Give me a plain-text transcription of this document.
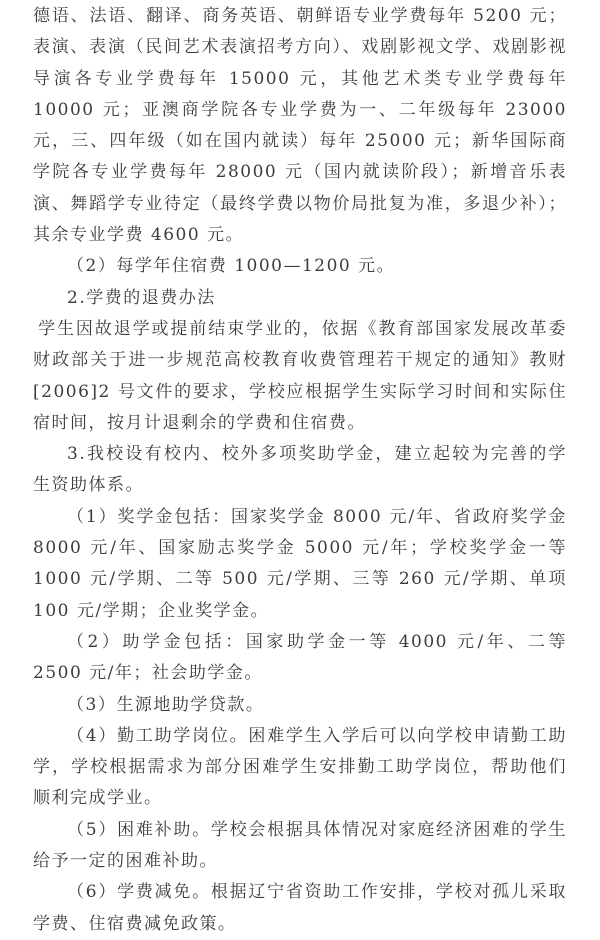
德语、法语、翻译、商务英语、朝鲜语专业学费每年 5200 元；表演、表演（民间艺术表演招考方向）、戏剧影视文学、戏剧影视导演各专业学费每年 15000 元，其他艺术类专业学费每年 10000 元；亚澳商学院各专业学费为一、二年级每年 23000 元，三、四年级（如在国内就读）每年 25000 元；新华国际商学院各专业学费每年 28000 元（国内就读阶段）；新增音乐表演、舞蹈学专业待定（最终学费以物价局批复为准，多退少补）；其余专业学费 4600 元。

（2）每学年住宿费 1000—1200 元。

2.学费的退费办法

学生因故退学或提前结束学业的，依据《教育部国家发展改革委财政部关于进一步规范高校教育收费管理若干规定的通知》教财[2006]2 号文件的要求，学校应根据学生实际学习时间和实际住宿时间，按月计退剩余的学费和住宿费。

3.我校设有校内、校外多项奖助学金，建立起较为完善的学生资助体系。

（1）奖学金包括：国家奖学金 8000 元/年、省政府奖学金 8000 元/年、国家励志奖学金 5000 元/年；学校奖学金一等 1000 元/学期、二等 500 元/学期、三等 260 元/学期、单项 100 元/学期；企业奖学金。

（2）助学金包括：国家助学金一等 4000 元/年、二等 2500 元/年；社会助学金。

（3）生源地助学贷款。

（4）勤工助学岗位。困难学生入学后可以向学校申请勤工助学，学校根据需求为部分困难学生安排勤工助学岗位，帮助他们顺利完成学业。

（5）困难补助。学校会根据具体情况对家庭经济困难的学生给予一定的困难补助。

（6）学费减免。根据辽宁省资助工作安排，学校对孤儿采取学费、住宿费减免政策。
